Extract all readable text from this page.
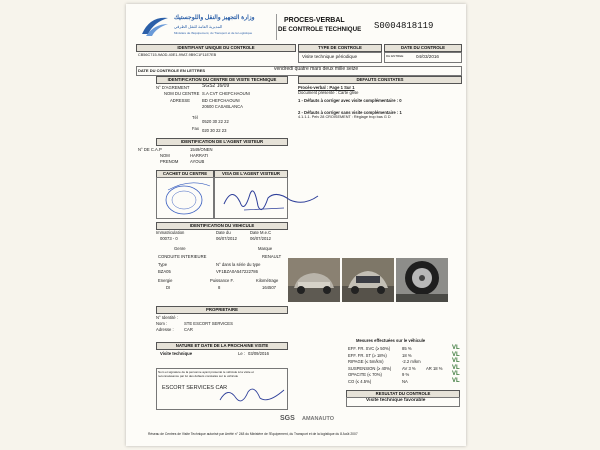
وزارة التجهيز والنقل واللوجستيك
المديرية العامة للنقل الطرقي
Ministère de l'Equipement, du Transport et de la Logistique
PROCES-VERBAL
DE CONTROLE TECHNIQUE S0004818119
IDENTIFIANT UNIQUE DU CONTROLE
CB56C715-9A0D-40E1-99AT-9B9C1F11E7EB
TYPE DE CONTROLE
Visite technique périodique
DATE DU CONTROLE
DH ENTREE	04/03/2016
DATE DU CONTROLE EN LETTRES	vendredi quatre mars deux mille seize
IDENTIFICATION DU CENTRE DE VISITE TECHNIQUE
N° D'AGREMENT	SGS2 16/09
NOM DU CENTRE S.A CVT CHEFCHAOUNI
ADRESSE	BD CHEFCHAOUNI
20600 CASABLANCA
Tél
0520 30 22 22
Fax 020 30 22 23
DEFAUTS CONSTATES
Procès-verbal : Page 1 Sur 1
Document présenté : Carte grise
1 - Défauts à corriger avec visite complémentaire : 0
2 - Défauts à corriger sans visite complémentaire : 1
4.1.1.1. Pelv 28 CROISEMENT : Réglage trop bas G D
IDENTIFICATION DE L'AGENT VISITEUR
N° DE C.A.P	1549/ONEN
NOM	HARRATI
PRENOM	AYOUB
CACHET DU CENTRE	VISA DE L'AGENT VISITEUR
IDENTIFICATION DU VEHICULE
Immatriculation	Date du	Date M.e.C
00073 - 0	06/07/2012	06/07/2012
Genre	Marque
CONDUITE INTERIEURE	RENAULT
Type	N° dans la série du type
BZA05	VF1BZA0A547222786
Energie	Puissance F.	Kilométrage
DI	8	164507
PROPRIETAIRE
N° Identité :
Nom :	STE ESCORT SERVICES
Adresse : CAR
NATURE ET DATE DE LA PROCHAINE VISITE
Visite technique	Le : 03/09/2016
Nom et signature de la personne ayant présenté le véhicule à la visite et
reconnaissance par lui des défauts constatés sur le véhicule
ESCORT SERVICES CAR
Mesures effectuées sur le véhicule
EFF. FR. SVC (≥ 50%)	85 %	VL
EFF. FR. ST (≥ 18%)	18 %	VL
RIPAGE (≤ 5m/km)	-2.2 m/km	VL
SUSPENSION (≥ 40%)	AV 3 % AR 18 % VL
OPACITE (≤ 70%)	9 %	VL
CO (≤ 4.5%)	NA	VL
RESULTAT DU CONTROLE
Visite technique favorable
SGS AMANAUTO
Réseau de Centres de Visite Technique autorisé par Arrêté n° 248 du Ministère de l'Equipement, du Transport et de la logistique du 8 Août 2007
